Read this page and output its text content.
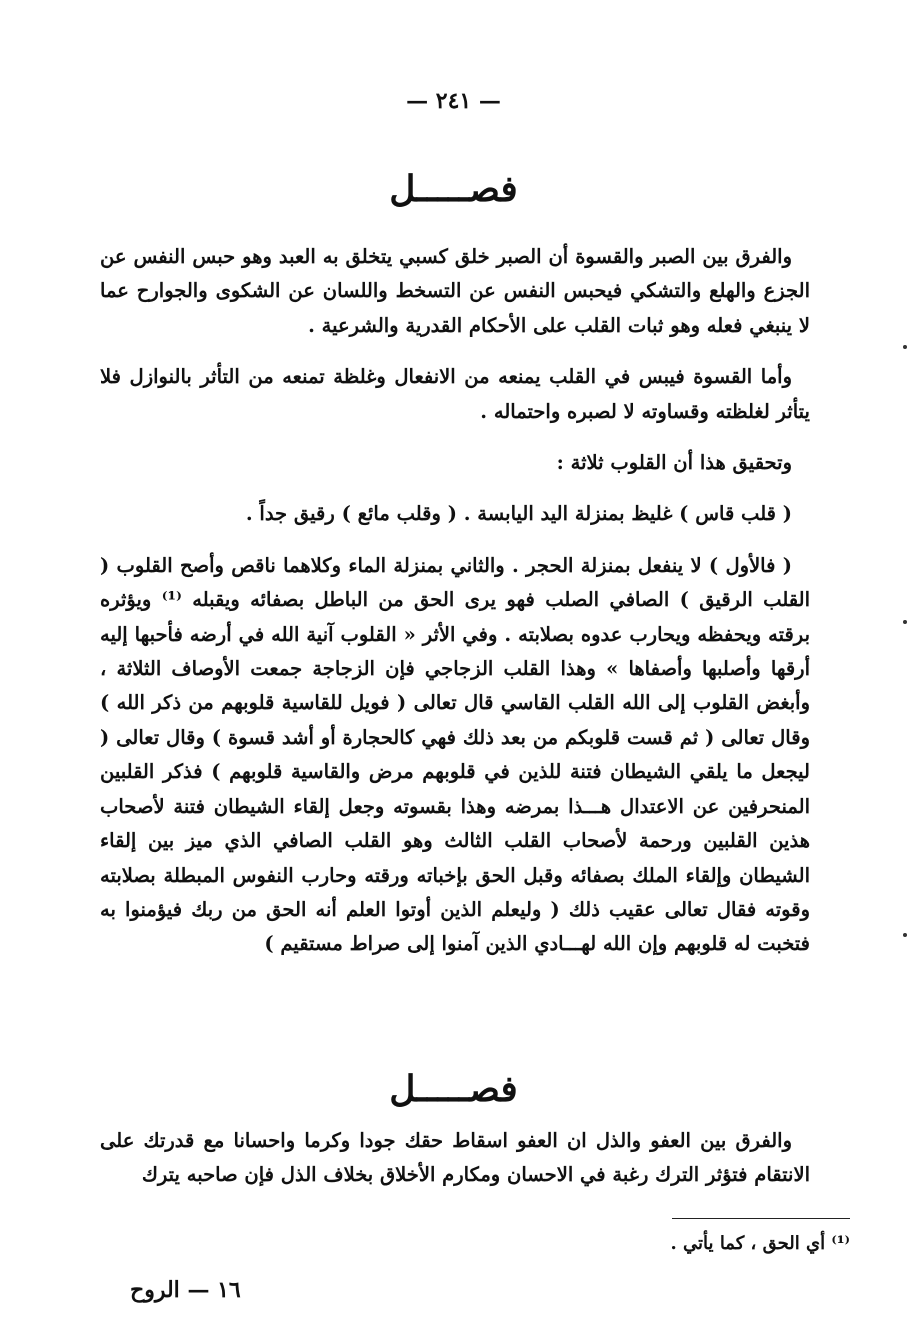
— ٢٤١ —
فصـــــل

والفرق بين الصبر والقسوة أن الصبر خلق كسبي يتخلق به العبد وهو حبس النفس عن الجزع والهلع والتشكي فيحبس النفس عن التسخط واللسان عن الشكوى والجوارح عما لا ينبغي فعله وهو ثبات القلب على الأحكام القدرية والشرعية .

وأما القسوة فيبس في القلب يمنعه من الانفعال وغلظة تمنعه من التأثر بالنوازل فلا يتأثر لغلظته وقساوته لا لصبره واحتماله .

وتحقيق هذا أن القلوب ثلاثة :

( قلب قاس ) غليظ بمنزلة اليد اليابسة . ( وقلب مائع ) رقيق جداً .

( فالأول ) لا ينفعل بمنزلة الحجر . والثاني بمنزلة الماء وكلاهما ناقص وأصح القلوب ( القلب الرقيق ) الصافي الصلب فهو يرى الحق من الباطل بصفائه ويقبله ⁽¹⁾ ويؤثره برقته ويحفظه ويحارب عدوه بصلابته . وفي الأثر « القلوب آنية الله في أرضه فأحبها إليه أرقها وأصلبها وأصفاها » وهذا القلب الزجاجي فإن الزجاجة جمعت الأوصاف الثلاثة ، وأبغض القلوب إلى الله القلب القاسي قال تعالى ( فويل للقاسية قلوبهم من ذكر الله ) وقال تعالى ( ثم قست قلوبكم من بعد ذلك فهي كالحجارة أو أشد قسوة ) وقال تعالى ( ليجعل ما يلقي الشيطان فتنة للذين في قلوبهم مرض والقاسية قلوبهم ) فذكر القلبين المنحرفين عن الاعتدال هـــذا بمرضه وهذا بقسوته وجعل إلقاء الشيطان فتنة لأصحاب هذين القلبين ورحمة لأصحاب القلب الثالث وهو القلب الصافي الذي ميز بين إلقاء الشيطان وإلقاء الملك بصفائه وقبل الحق بإخباته ورقته وحارب النفوس المبطلة بصلابته وقوته فقال تعالى عقيب ذلك ( وليعلم الذين أوتوا العلم أنه الحق من ربك فيؤمنوا به فتخبت له قلوبهم وإن الله لهـــادي الذين آمنوا إلى صراط مستقيم )

فصـــــل

والفرق بين العفو والذل ان العفو اسقاط حقك جودا وكرما واحسانا مع قدرتك على الانتقام فتؤثر الترك رغبة في الاحسان ومكارم الأخلاق بخلاف الذل فإن صاحبه يترك

⁽¹⁾ أي الحق ، كما يأتي .
١٦ — الروح
